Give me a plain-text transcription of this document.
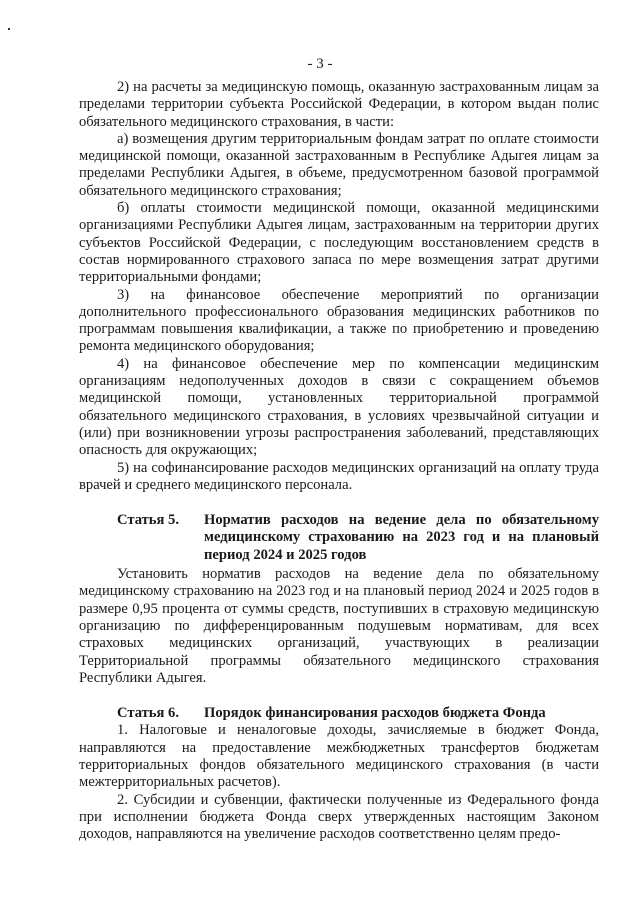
- 3 -

2) на расчеты за медицинскую помощь, оказанную застрахованным лицам за пределами территории субъекта Российской Федерации, в котором выдан полис обязательного медицинского страхования, в части:

а) возмещения другим территориальным фондам затрат по оплате стоимости медицинской помощи, оказанной застрахованным в Республике Адыгея лицам за пределами Республики Адыгея, в объеме, предусмотренном базовой программой обязательного медицинского страхования;

б) оплаты стоимости медицинской помощи, оказанной медицинскими организациями Республики Адыгея лицам, застрахованным на территории других субъектов Российской Федерации, с последующим восстановлением средств в состав нормированного страхового запаса по мере возмещения затрат другими территориальными фондами;

3) на финансовое обеспечение мероприятий по организации дополнительного профессионального образования медицинских работников по программам повышения квалификации, а также по приобретению и проведению ремонта медицинского оборудования;

4) на финансовое обеспечение мер по компенсации медицинским организациям недополученных доходов в связи с сокращением объемов медицинской помощи, установленных территориальной программой обязательного медицинского страхования, в условиях чрезвычайной ситуации и (или) при возникновении угрозы распространения заболеваний, представляющих опасность для окружающих;

5) на софинансирование расходов медицинских организаций на оплату труда врачей и среднего медицинского персонала.

Статья 5.	Норматив расходов на ведение дела по обязательному медицинскому страхованию на 2023 год и на плановый период 2024 и 2025 годов

Установить норматив расходов на ведение дела по обязательному медицинскому страхованию на 2023 год и на плановый период 2024 и 2025 годов в размере 0,95 процента от суммы средств, поступивших в страховую медицинскую организацию по дифференцированным подушевым нормативам, для всех страховых медицинских организаций, участвующих в реализации Территориальной программы обязательного медицинского страхования Республики Адыгея.

Статья 6.	Порядок финансирования расходов бюджета Фонда

1. Налоговые и неналоговые доходы, зачисляемые в бюджет Фонда, направляются на предоставление межбюджетных трансфертов бюджетам территориальных фондов обязательного медицинского страхования (в части межтерриториальных расчетов).

2. Субсидии и субвенции, фактически полученные из Федерального фонда при исполнении бюджета Фонда сверх утвержденных настоящим Законом доходов, направляются на увеличение расходов соответственно целям предо-
